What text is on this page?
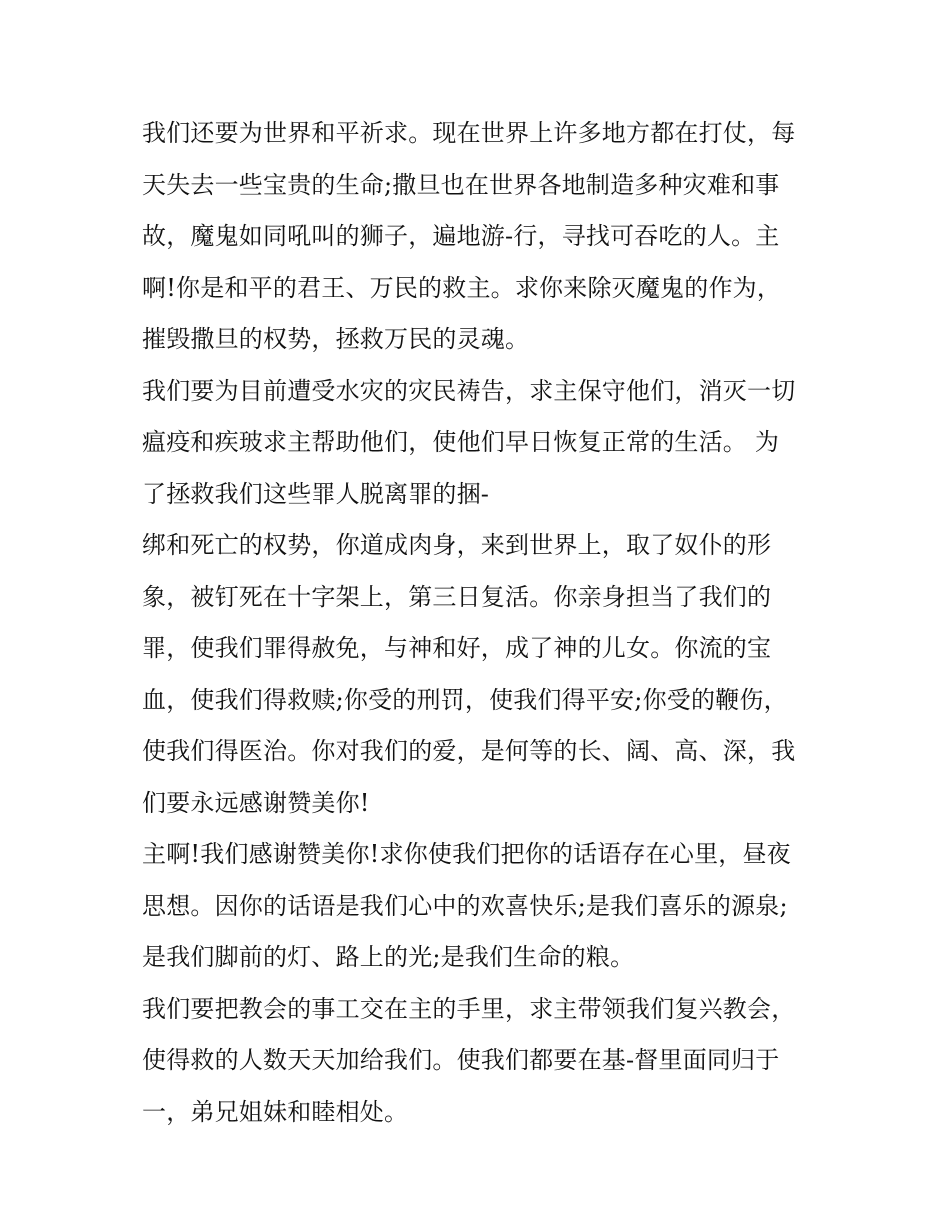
我们还要为世界和平祈求。现在世界上许多地方都在打仗，每
天失去一些宝贵的生命;撒旦也在世界各地制造多种灾难和事
故，魔鬼如同吼叫的狮子，遍地游-行，寻找可吞吃的人。主
啊!你是和平的君王、万民的救主。求你来除灭魔鬼的作为，
摧毁撒旦的权势，拯救万民的灵魂。
我们要为目前遭受水灾的灾民祷告，求主保守他们，消灭一切
瘟疫和疾玻求主帮助他们，使他们早日恢复正常的生活。 为
了拯救我们这些罪人脱离罪的捆-
绑和死亡的权势，你道成肉身，来到世界上，取了奴仆的形
象，被钉死在十字架上，第三日复活。你亲身担当了我们的
罪，使我们罪得赦免，与神和好，成了神的儿女。你流的宝
血，使我们得救赎;你受的刑罚，使我们得平安;你受的鞭伤，
使我们得医治。你对我们的爱，是何等的长、阔、高、深，我
们要永远感谢赞美你!
主啊!我们感谢赞美你!求你使我们把你的话语存在心里，昼夜
思想。因你的话语是我们心中的欢喜快乐;是我们喜乐的源泉;
是我们脚前的灯、路上的光;是我们生命的粮。
我们要把教会的事工交在主的手里，求主带领我们复兴教会，
使得救的人数天天加给我们。使我们都要在基-督里面同归于
一，弟兄姐妹和睦相处。
